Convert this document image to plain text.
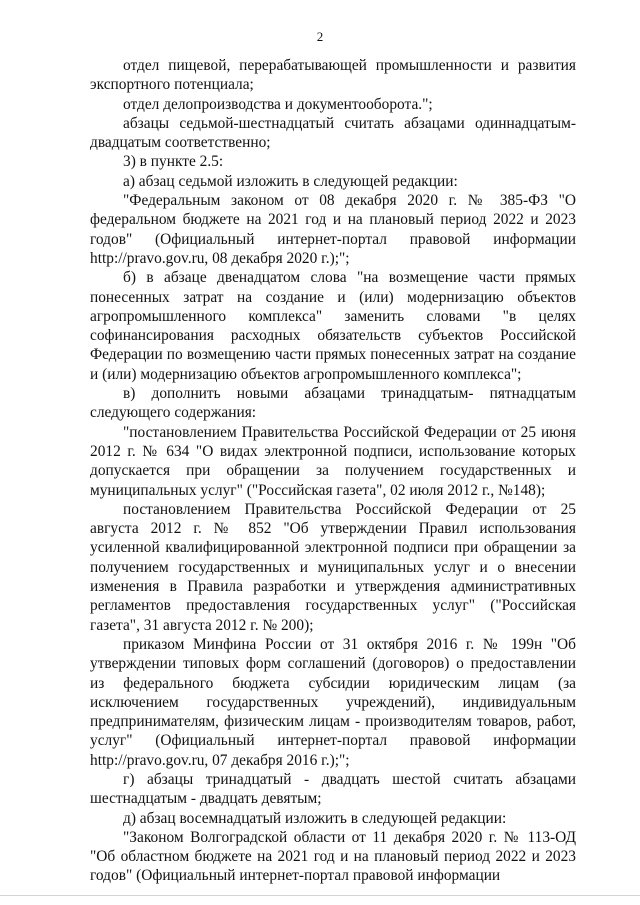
2

отдел пищевой, перерабатывающей промышленности и развития экспортного потенциала;

отдел делопроизводства и документооборота.";

абзацы седьмой-шестнадцатый считать абзацами одиннадцатым-двадцатым соответственно;

3) в пункте 2.5:

а) абзац седьмой изложить в следующей редакции:

"Федеральным законом от 08 декабря 2020 г. № 385-ФЗ "О федеральном бюджете на 2021 год и на плановый период 2022 и 2023 годов" (Официальный интернет-портал правовой информации http://pravo.gov.ru, 08 декабря 2020 г.);";

б) в абзаце двенадцатом слова "на возмещение части прямых понесенных затрат на создание и (или) модернизацию объектов агропромышленного комплекса" заменить словами "в целях софинансирования расходных обязательств субъектов Российской Федерации по возмещению части прямых понесенных затрат на создание и (или) модернизацию объектов агропромышленного комплекса";

в) дополнить новыми абзацами тринадцатым- пятнадцатым следующего содержания:

"постановлением Правительства Российской Федерации от 25 июня 2012 г. № 634 "О видах электронной подписи, использование которых допускается при обращении за получением государственных и муниципальных услуг" ("Российская газета", 02 июля 2012 г., №148);

постановлением Правительства Российской Федерации от 25 августа 2012 г. № 852 "Об утверждении Правил использования усиленной квалифицированной электронной подписи при обращении за получением государственных и муниципальных услуг и о внесении изменения в Правила разработки и утверждения административных регламентов предоставления государственных услуг" ("Российская газета", 31 августа 2012 г. № 200);

приказом Минфина России от 31 октября 2016 г. № 199н "Об утверждении типовых форм соглашений (договоров) о предоставлении из федерального бюджета субсидии юридическим лицам (за исключением государственных учреждений), индивидуальным предпринимателям, физическим лицам - производителям товаров, работ, услуг" (Официальный интернет-портал правовой информации http://pravo.gov.ru, 07 декабря 2016 г.);";

г) абзацы тринадцатый - двадцать шестой считать абзацами шестнадцатым - двадцать девятым;

д) абзац восемнадцатый изложить в следующей редакции:

"Законом Волгоградской области от 11 декабря 2020 г. № 113-ОД "Об областном бюджете на 2021 год и на плановый период 2022 и 2023 годов" (Официальный интернет-портал правовой информации
